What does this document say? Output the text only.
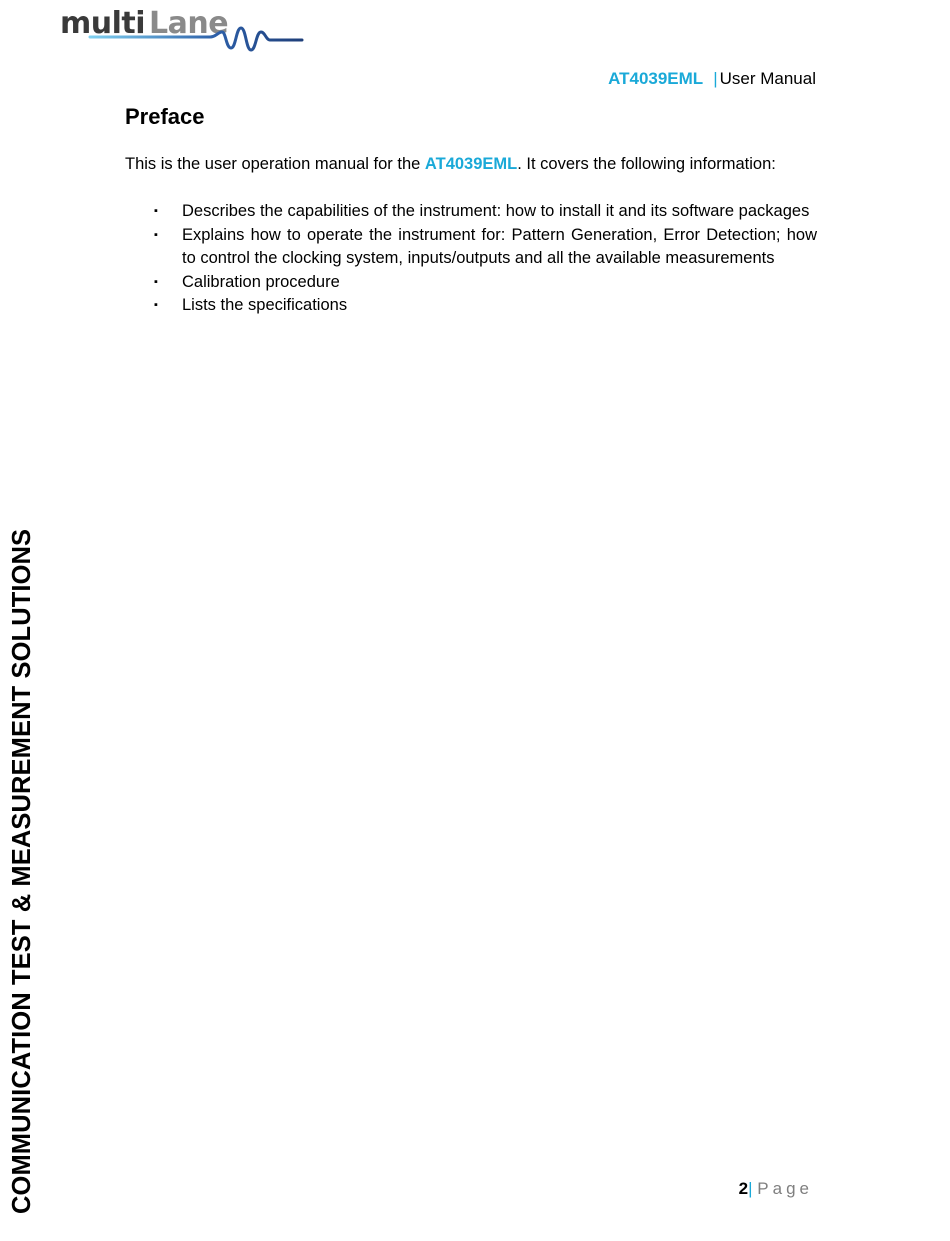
multi Lane
AT4039EML | User Manual
Preface
This is the user operation manual for the AT4039EML. It covers the following information:
▪ Describes the capabilities of the instrument: how to install it and its software packages
▪ Explains how to operate the instrument for: Pattern Generation, Error Detection; how to control the clocking system, inputs/outputs and all the available measurements
▪ Calibration procedure
▪ Lists the specifications
COMMUNICATION TEST & MEASUREMENT SOLUTIONS	2| Page
